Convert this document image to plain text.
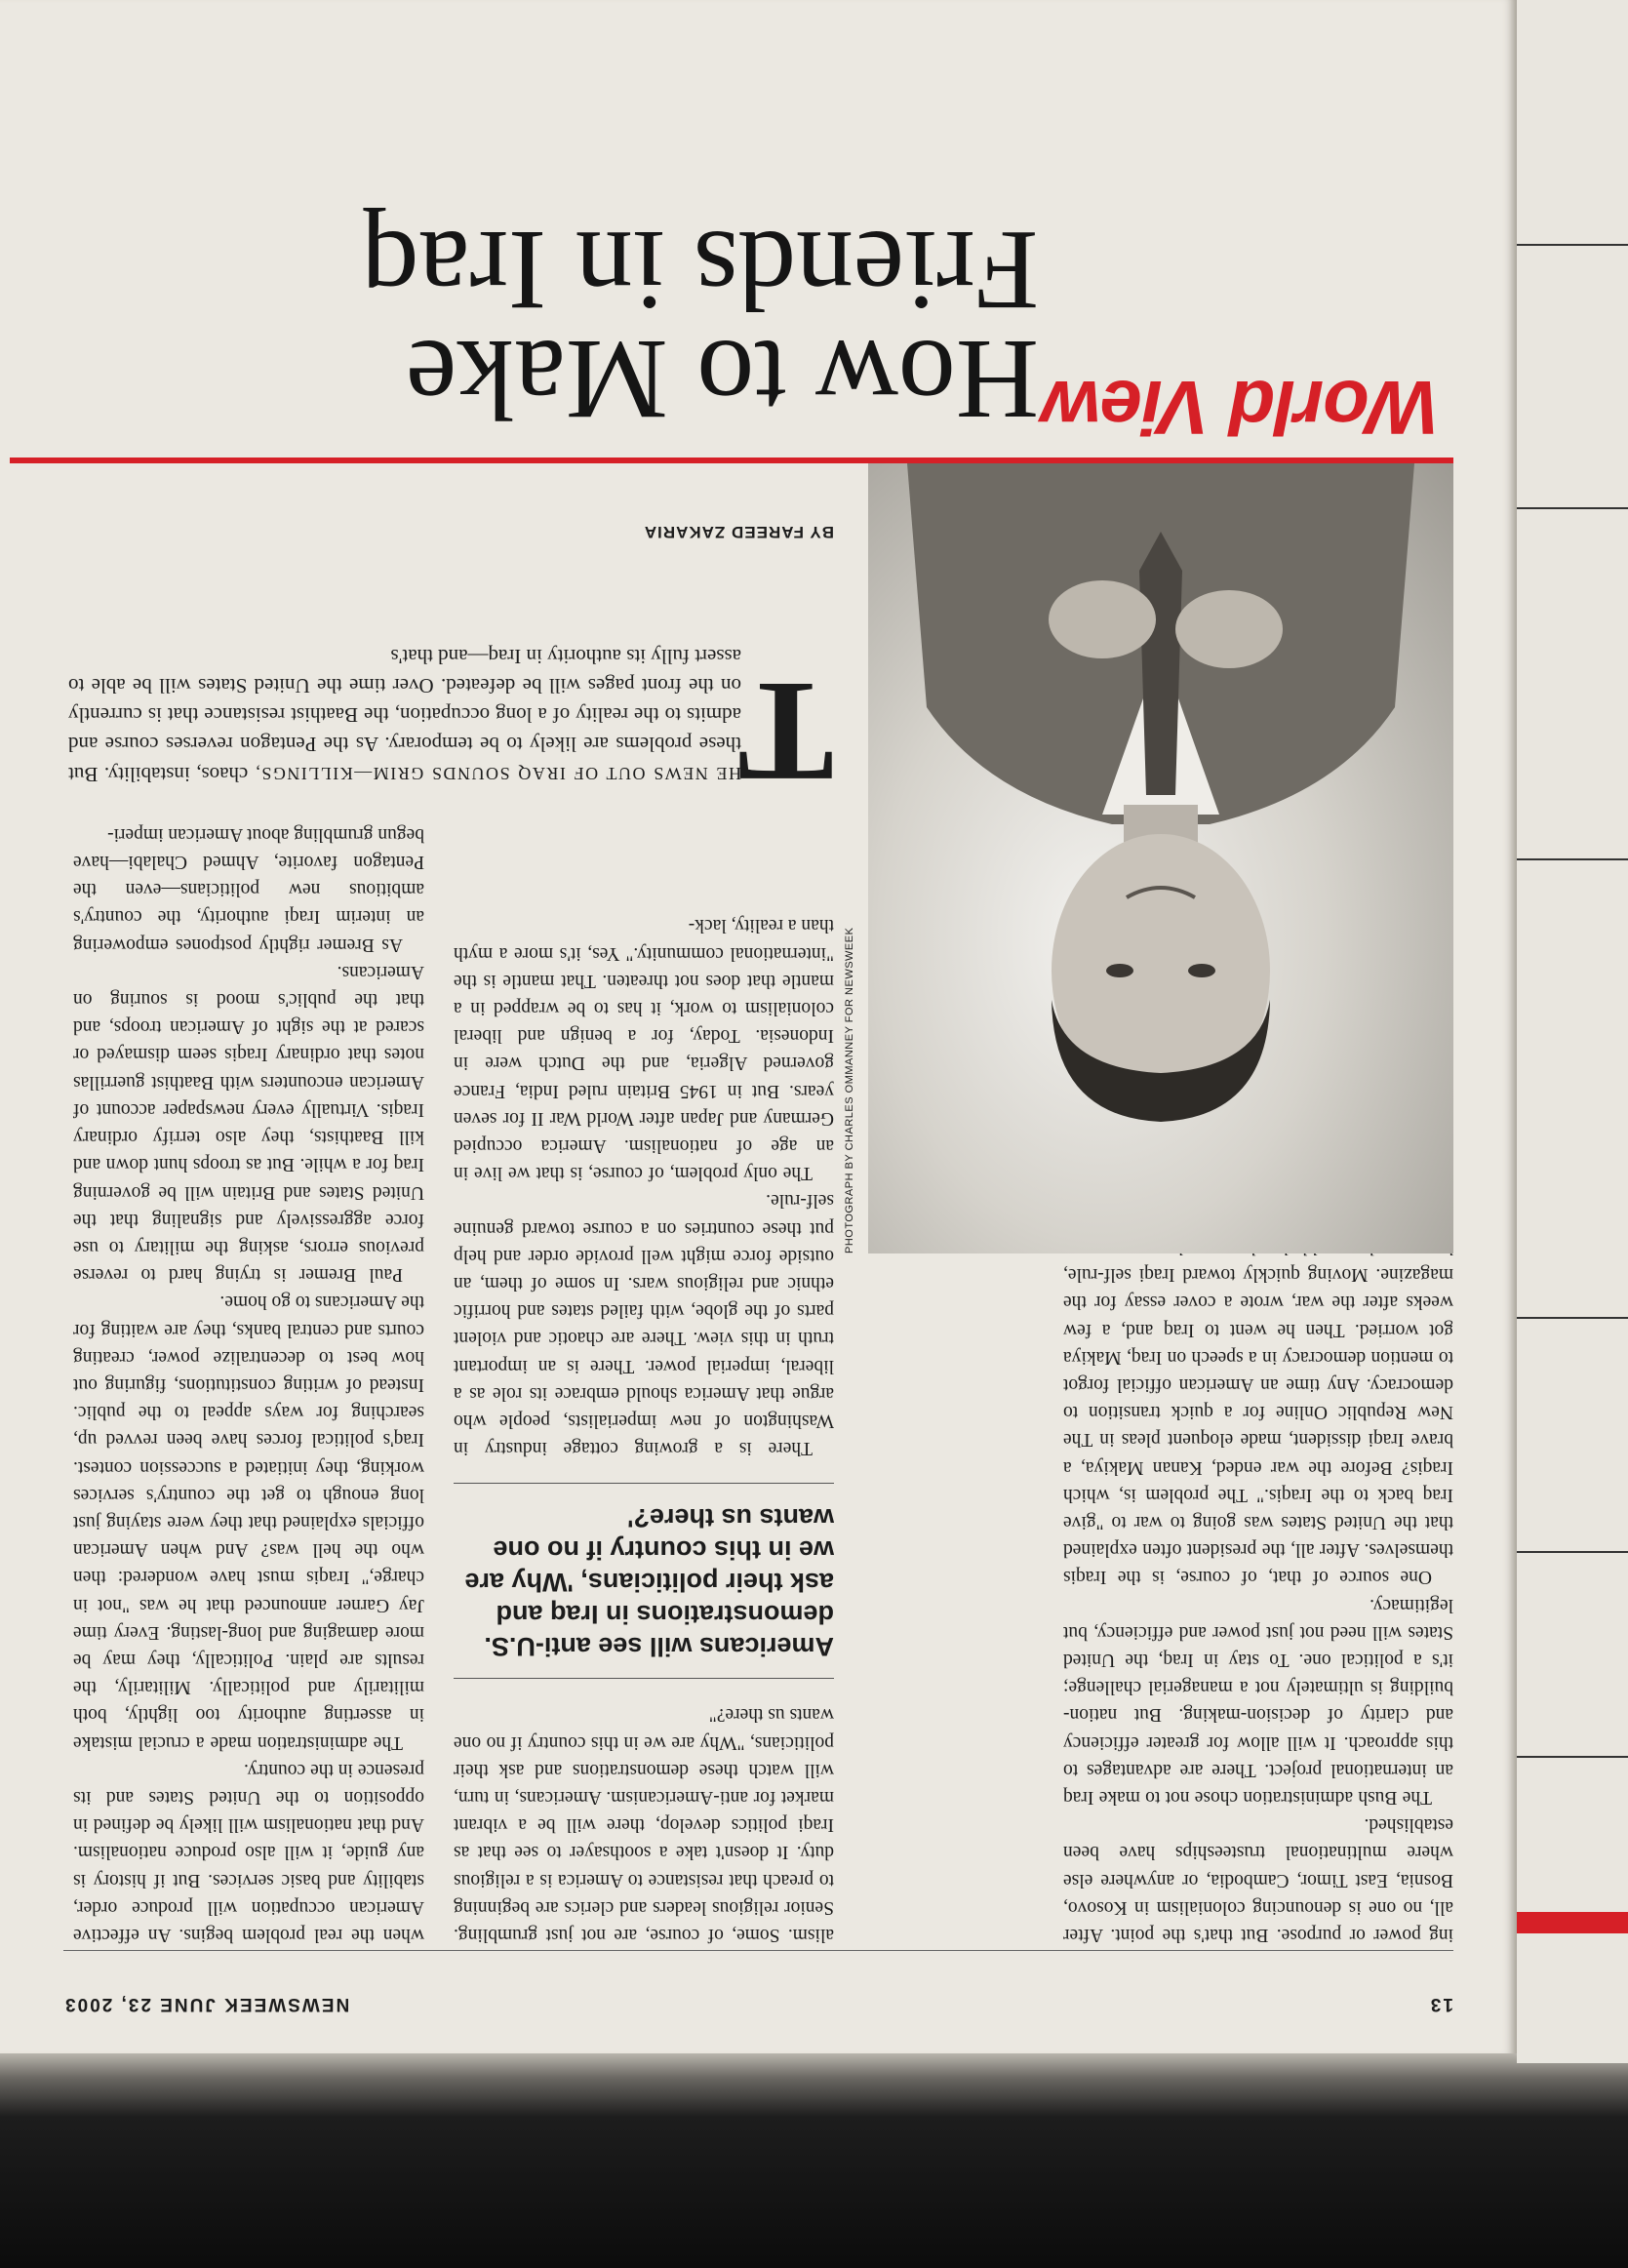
13
NEWSWEEK JUNE 23, 2003

ing power or purpose. But that's the point. After all, no one is denouncing colonialism in Kosovo, Bosnia, East Timor, Cambodia, or anywhere else where multinational trusteeships have been established.

The Bush administration chose not to make Iraq an international project. There are advantages to this approach. It will allow for greater efficiency and clarity of decision-making. But nation-building is ultimately not a managerial challenge; it's a political one. To stay in Iraq, the United States will need not just power and efficiency, but legitimacy.

One source of that, of course, is the Iraqis themselves. After all, the president often explained that the United States was going to war to "give Iraq back to the Iraqis." The problem is, which Iraqis? Before the war ended, Kanan Makiya, a brave Iraqi dissident, made eloquent pleas in The New Republic Online for a quick transition to democracy. Any time an American official forgot to mention democracy in a speech on Iraq, Makiya got worried. Then he went to Iraq and, a few weeks after the war, wrote a cover essay for the magazine. Moving quickly toward Iraqi self-rule,

alism. Some, of course, are not just grumbling. Senior religious leaders and clerics are beginning to preach that resistance to America is a religious duty. It doesn't take a soothsayer to see that as Iraqi politics develop, there will be a vibrant market for anti-Americanism. Americans, in turn, will watch these demonstrations and ask their politicians, "Why are we in this country if no one wants us there?"

Americans will see anti-U.S. demonstrations in Iraq and ask their politicians, 'Why are we in this country if no one wants us there?'

There is a growing cottage industry in Washington of new imperialists, people who argue that America should embrace its role as a liberal, imperial power. There is an important truth in this view. There are chaotic and violent parts of the globe, with failed states and horrific ethnic and religious wars. In some of them, an outside force might well provide order and help put these countries on a course toward genuine self-rule.

The only problem, of course, is that we live in an age of nationalism. America occupied Germany and Japan after World War II for seven years. But in 1945 Britain ruled India, France governed Algeria, and the Dutch were in Indonesia. Today, for a benign and liberal colonialism to work, it has to be wrapped in a mantle that does not threaten. That mantle is the "international community." Yes, it's more a myth than a reality, lack-

when the real problem begins. An effective American occupation will produce order, stability and basic services. But if history is any guide, it will also produce nationalism. And that nationalism will likely be defined in opposition to the United States and its presence in the country.

The administration made a crucial mistake in asserting authority too lightly, both militarily and politically. Militarily, the results are plain. Politically, they may be more damaging and long-lasting. Every time Jay Garner announced that he was "not in charge," Iraqis must have wondered: then who the hell was? And when American officials explained that they were staying just long enough to get the country's services working, they initiated a succession contest. Iraq's political forces have been revved up, searching for ways appeal to the public. Instead of writing constitutions, figuring out how best to decentralize power, creating courts and central banks, they are waiting for the Americans to go home.

Paul Bremer is trying hard to reverse previous errors, asking the military to use force aggressively and signaling that the United States and Britain will be governing Iraq for a while. But as troops hunt down and kill Baathists, they also terrify ordinary Iraqis. Virtually every newspaper account of American encounters with Baathist guerrillas notes that ordinary Iraqis seem dismayed or scared at the sight of American troops, and that the public's mood is souring on Americans.

As Bremer rightly postpones empowering an interim Iraqi authority, the country's ambitious new politicians—even the Pentagon favorite, Ahmed Chalabi—have begun grumbling about American imperi-

T
HE NEWS OUT OF IRAQ SOUNDS GRIM—KILLINGS, chaos, instability. But these problems are likely to be temporary. As the Pentagon reverses course and admits to the reality of a long occupation, the Baathist resistance that is currently on the front pages will be defeated. Over time the United States will be able to assert fully its authority in Iraq—and that's
BY FAREED ZAKARIA
PHOTOGRAPH BY CHARLES OMMANNEY FOR NEWSWEEK
World View
How to Make Friends in Iraq
